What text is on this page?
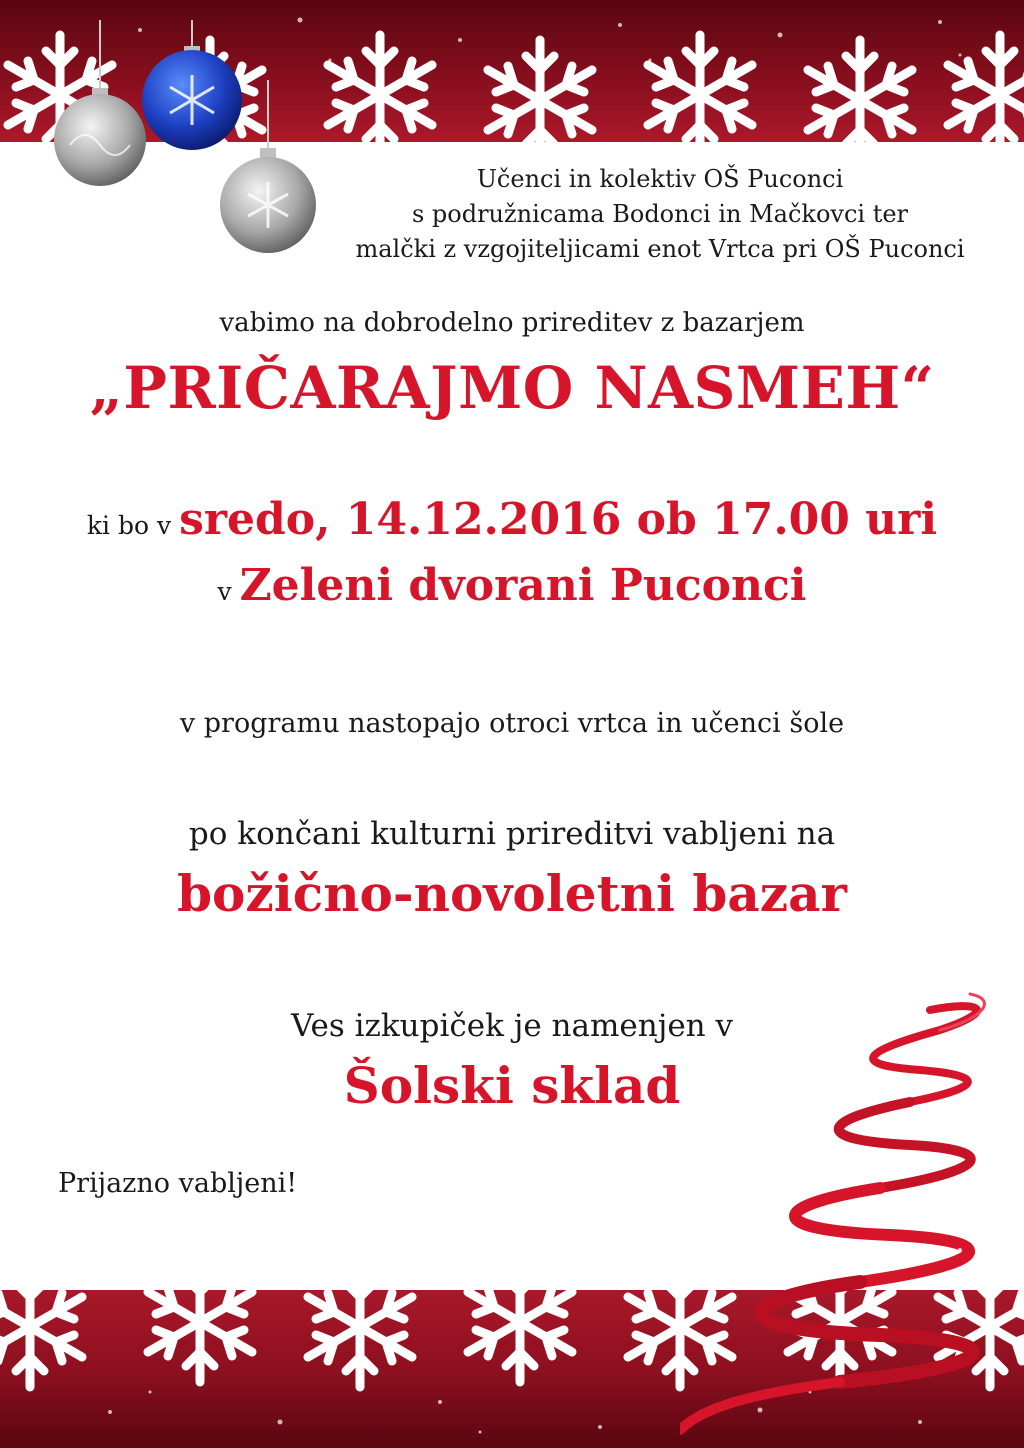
Učenci in kolektiv OŠ Puconci
s podružnicama Bodonci in Mačkovci ter
malčki z vzgojiteljicami enot Vrtca pri OŠ Puconci
vabimo na dobrodelno prireditev z bazarjem
„PRIČARAJMO NASMEH“
ki bo v sredo, 14.12.2016 ob 17.00 uri
v Zeleni dvorani Puconci
v programu nastopajo otroci vrtca in učenci šole
po končani kulturni prireditvi vabljeni na
božično-novoletni bazar
Ves izkupiček je namenjen v
Šolski sklad
Prijazno vabljeni!
